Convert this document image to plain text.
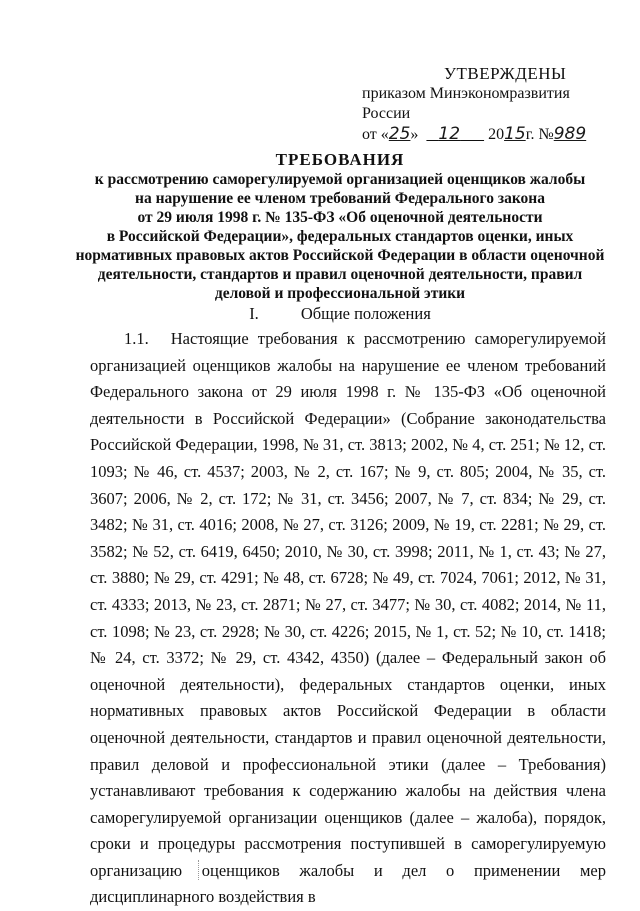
УТВЕРЖДЕНЫ
приказом Минэкономразвития России
от «25» 12 2015г. №989
ТРЕБОВАНИЯ
к рассмотрению саморегулируемой организацией оценщиков жалобы
на нарушение ее членом требований Федерального закона
от 29 июля 1998 г. № 135-ФЗ «Об оценочной деятельности
в Российской Федерации», федеральных стандартов оценки, иных
нормативных правовых актов Российской Федерации в области оценочной
деятельности, стандартов и правил оценочной деятельности, правил
деловой и профессиональной этики
I.	Общие положения

1.1. Настоящие требования к рассмотрению саморегулируемой организацией оценщиков жалобы на нарушение ее членом требований Федерального закона от 29 июля 1998 г. № 135-ФЗ «Об оценочной деятельности в Российской Федерации» (Собрание законодательства Российской Федерации, 1998, № 31, ст. 3813; 2002, № 4, ст. 251; № 12, ст. 1093; № 46, ст. 4537; 2003, № 2, ст. 167; № 9, ст. 805; 2004, № 35, ст. 3607; 2006, № 2, ст. 172; № 31, ст. 3456; 2007, № 7, ст. 834; № 29, ст. 3482; № 31, ст. 4016; 2008, № 27, ст. 3126; 2009, № 19, ст. 2281; № 29, ст. 3582; № 52, ст. 6419, 6450; 2010, № 30, ст. 3998; 2011, № 1, ст. 43; № 27, ст. 3880; № 29, ст. 4291; № 48, ст. 6728; № 49, ст. 7024, 7061; 2012, № 31, ст. 4333; 2013, № 23, ст. 2871; № 27, ст. 3477; № 30, ст. 4082; 2014, № 11, ст. 1098; № 23, ст. 2928; № 30, ст. 4226; 2015, № 1, ст. 52; № 10, ст. 1418; № 24, ст. 3372; № 29, ст. 4342, 4350) (далее – Федеральный закон об оценочной деятельности), федеральных стандартов оценки, иных нормативных правовых актов Российской Федерации в области оценочной деятельности, стандартов и правил оценочной деятельности, правил деловой и профессиональной этики (далее – Требования) устанавливают требования к содержанию жалобы на действия члена саморегулируемой организации оценщиков (далее – жалоба), порядок, сроки и процедуры рассмотрения поступившей в саморегулируемую организацию оценщиков жалобы и дел о применении мер дисциплинарного воздействия в
